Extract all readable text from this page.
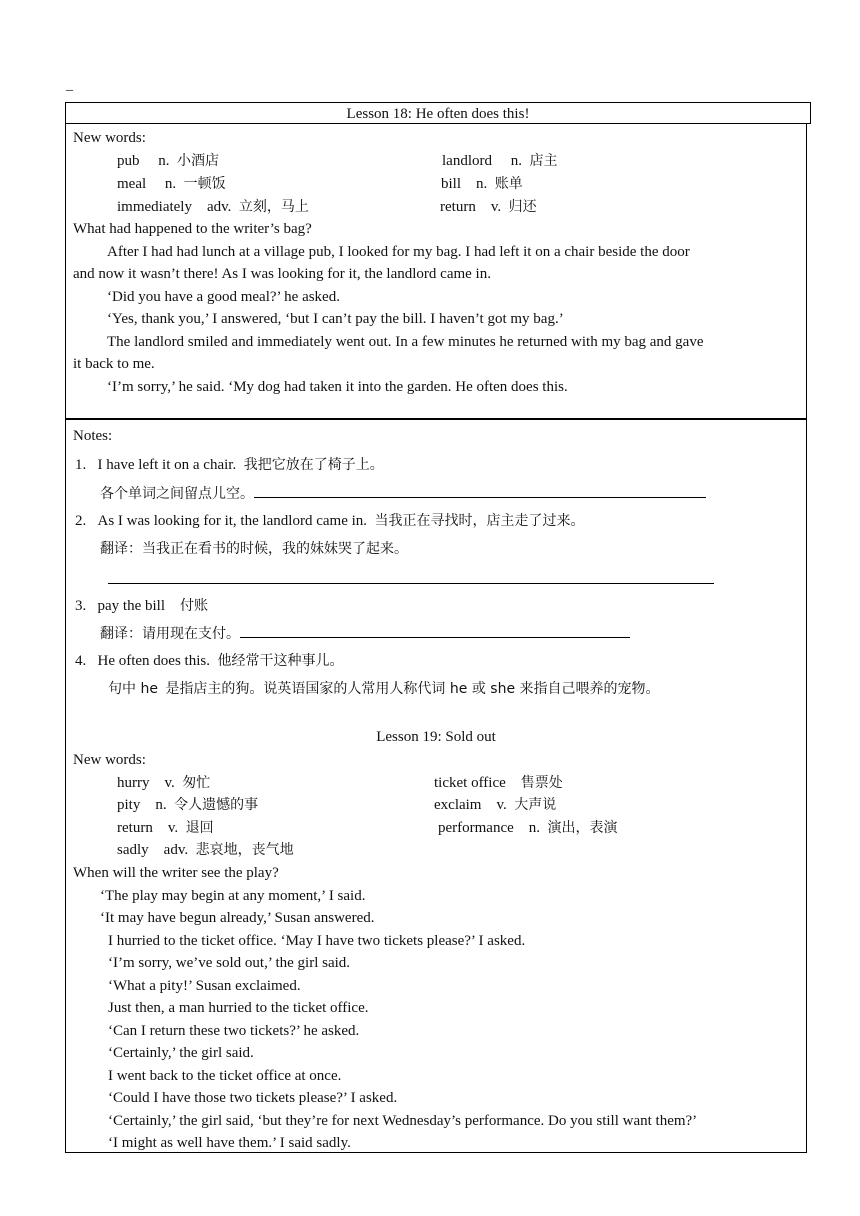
_
Lesson 18: He often does this!
New words:
pub n. 小酒店	landlord n. 店主
meal n. 一顿饭	bill n. 账单
immediately adv. 立刻，马上	return v. 归还
What had happened to the writer’s bag?
After I had had lunch at a village pub, I looked for my bag. I had left it on a chair beside the door
and now it wasn’t there! As I was looking for it, the landlord came in.
‘Did you have a good meal?’ he asked.
‘Yes, thank you,’ I answered, ‘but I can’t pay the bill. I haven’t got my bag.’
The landlord smiled and immediately went out. In a few minutes he returned with my bag and gave
it back to me.
‘I’m sorry,’ he said. ‘My dog had taken it into the garden. He often does this.
Notes:
1. I have left it on a chair. 我把它放在了椅子上。
各个单词之间留点儿空。
2. As I was looking for it, the landlord came in. 当我正在寻找时，店主走了过来。
翻译：当我正在看书的时候，我的妹妹哭了起来。
3. pay the bill 付账
翻译：请用现在支付。
4. He often does this. 他经常干这种事儿。
句中 he 是指店主的狗。说英语国家的人常用人称代词 he 或 she 来指自己喂养的宠物。
Lesson 19: Sold out
New words:
hurry v. 匆忙	ticket office 售票处
pity n. 令人遗憾的事	exclaim v. 大声说
return v. 退回	performance n. 演出，表演
sadly adv. 悲哀地，丧气地
When will the writer see the play?
‘The play may begin at any moment,’ I said.
‘It may have begun already,’ Susan answered.
I hurried to the ticket office. ‘May I have two tickets please?’ I asked.
‘I’m sorry, we’ve sold out,’ the girl said.
‘What a pity!’ Susan exclaimed.
Just then, a man hurried to the ticket office.
‘Can I return these two tickets?’ he asked.
‘Certainly,’ the girl said.
I went back to the ticket office at once.
‘Could I have those two tickets please?’ I asked.
‘Certainly,’ the girl said, ‘but they’re for next Wednesday’s performance. Do you still want them?’
‘I might as well have them.’ I said sadly.
